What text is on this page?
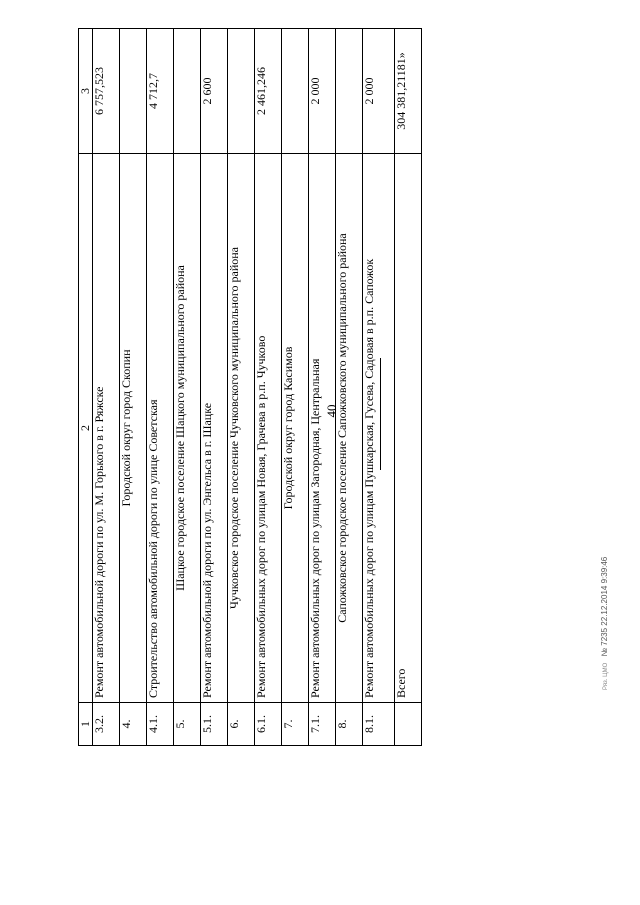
40
1	2	3
3.2.	Ремонт автомобильной дороги по ул. М. Горького в г. Ряжске	6 757,523
4.	Городской округ город Скопин	
4.1.	Строительство автомобильной дороги по улице Советская	4 712,7
5.	Шацкое городское поселение Шацкого муниципального района	
5.1.	Ремонт автомобильной дороги по ул. Энгельса в г. Шацке	2 600
6.	Чучковское городское поселение Чучковского муниципального района	
6.1.	Ремонт автомобильных дорог по улицам Новая, Грачева в р.п. Чучково	2 461,246
7.	Городской округ город Касимов	
7.1.	Ремонт автомобильных дорог по улицам Загородная, Центральная	2 000
8.	Сапожковское городское поселение Сапожковского муниципального района	
8.1.	Ремонт автомобильных дорог по улицам Пушкарская, Гусева, Садовая в р.п. Сапожок	2 000
	Всего	304 381,21181»
Ряз. ЦМО № 7235 22.12.2014 9:39:46
